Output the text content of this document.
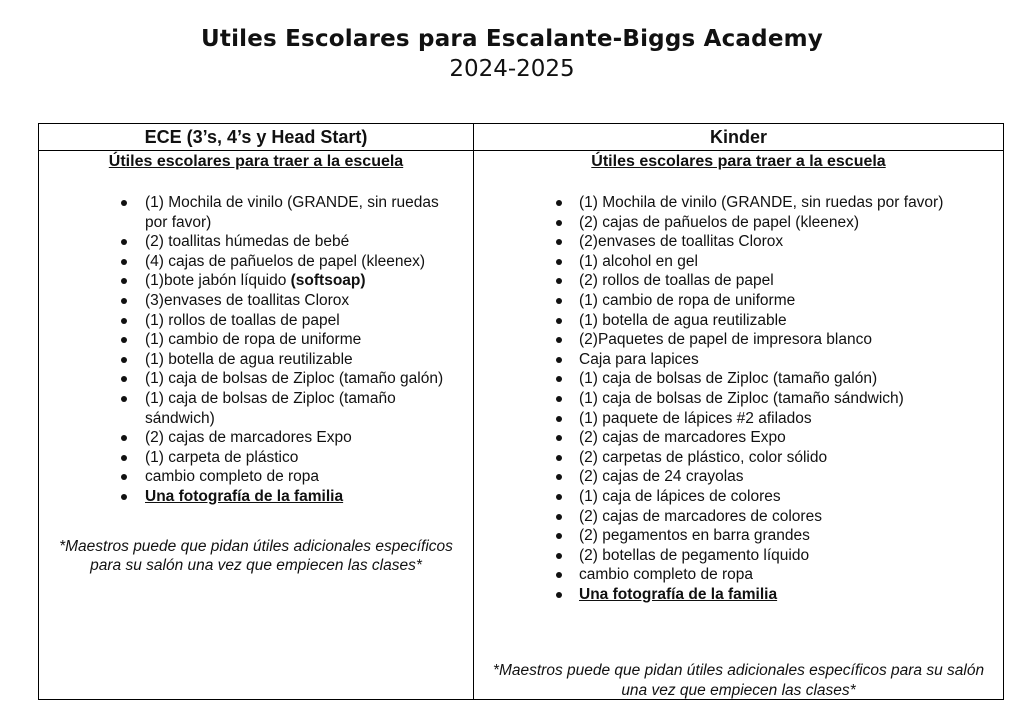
Utiles Escolares para Escalante-Biggs Academy
2024-2025
ECE (3’s, 4’s y Head Start)
Útiles escolares para traer a la escuela
(1) Mochila de vinilo (GRANDE, sin ruedas por favor)
(2) toallitas húmedas de bebé
(4) cajas de pañuelos de papel (kleenex)
(1)bote jabón líquido (softsoap)
(3)envases de toallitas Clorox
(1) rollos de toallas de papel
(1) cambio de ropa de uniforme
(1) botella de agua reutilizable
(1) caja de bolsas de Ziploc (tamaño galón)
(1) caja de bolsas de Ziploc (tamaño sándwich)
(2) cajas de marcadores Expo
(1) carpeta de plástico
cambio completo de ropa
Una fotografía de la familia
*Maestros puede que pidan útiles adicionales específicos para su salón una vez que empiecen las clases*
Kinder
Útiles escolares para traer a la escuela
(1) Mochila de vinilo (GRANDE, sin ruedas por favor)
(2) cajas de pañuelos de papel (kleenex)
(2)envases de toallitas Clorox
(1) alcohol en gel
(2) rollos de toallas de papel
(1) cambio de ropa de uniforme
(1) botella de agua reutilizable
(2)Paquetes de papel de impresora blanco
Caja para lapices
(1) caja de bolsas de Ziploc (tamaño galón)
(1) caja de bolsas de Ziploc (tamaño sándwich)
(1) paquete de lápices #2 afilados
(2) cajas de marcadores Expo
(2) carpetas de plástico, color sólido
(2) cajas de 24 crayolas
(1) caja de lápices de colores
(2) cajas de marcadores de colores
(2) pegamentos en barra grandes
(2) botellas de pegamento líquido
cambio completo de ropa
Una fotografía de la familia
*Maestros puede que pidan útiles adicionales específicos para su salón una vez que empiecen las clases*
